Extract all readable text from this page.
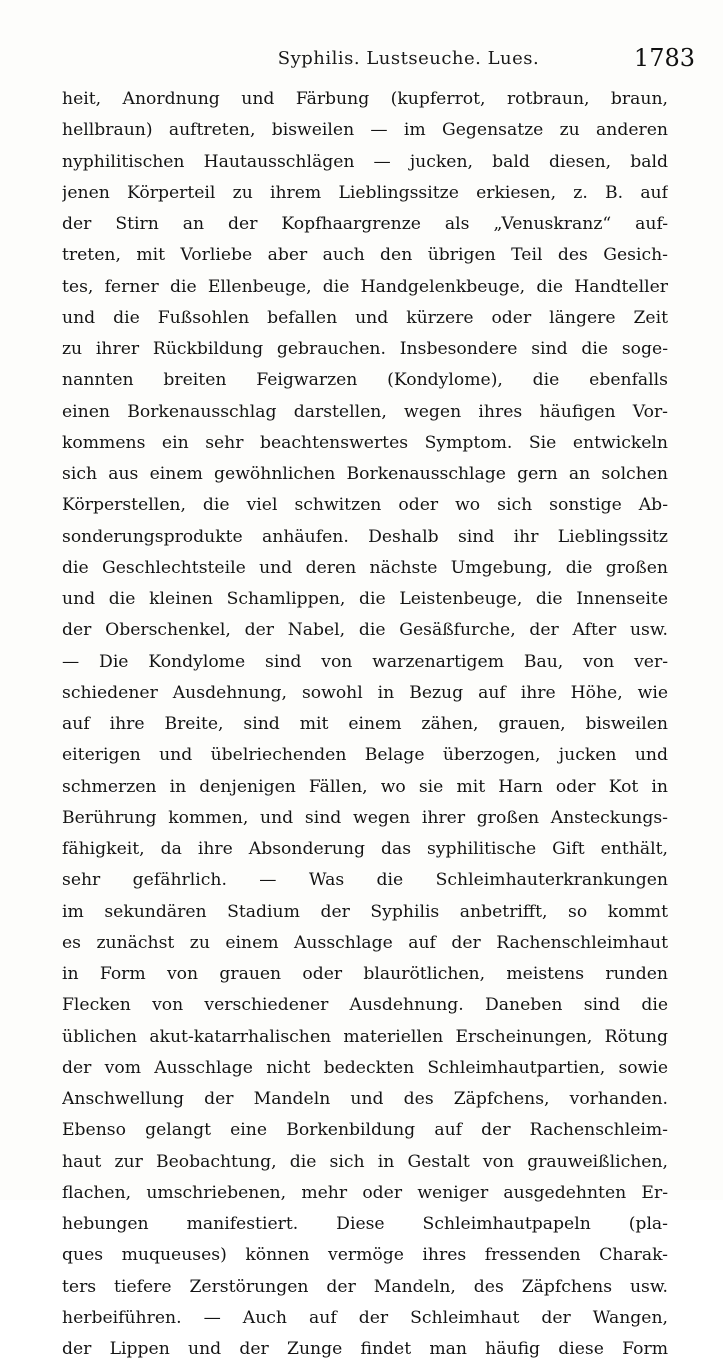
Syphilis. Lustseuche. Lues.	1783
heit, Anordnung und Färbung (kupferrot, rotbraun, braun,
hellbraun) auftreten, bisweilen — im Gegensatze zu anderen
nyphilitischen Hautausschlägen — jucken, bald diesen, bald
jenen Körperteil zu ihrem Lieblingssitze erkiesen, z. B. auf
der Stirn an der Kopfhaargrenze als „Venuskranz“ auf-
treten, mit Vorliebe aber auch den übrigen Teil des Gesich-
tes, ferner die Ellenbeuge, die Handgelenkbeuge, die Handteller
und die Fußsohlen befallen und kürzere oder längere Zeit
zu ihrer Rückbildung gebrauchen. Insbesondere sind die soge-
nannten breiten Feigwarzen (Kondylome), die ebenfalls
einen Borkenausschlag darstellen, wegen ihres häufigen Vor-
kommens ein sehr beachtenswertes Symptom. Sie entwickeln
sich aus einem gewöhnlichen Borkenausschlage gern an solchen
Körperstellen, die viel schwitzen oder wo sich sonstige Ab-
sonderungsprodukte anhäufen. Deshalb sind ihr Lieblingssitz
die Geschlechtsteile und deren nächste Umgebung, die großen
und die kleinen Schamlippen, die Leistenbeuge, die Innenseite
der Oberschenkel, der Nabel, die Gesäßfurche, der After usw.
— Die Kondylome sind von warzenartigem Bau, von ver-
schiedener Ausdehnung, sowohl in Bezug auf ihre Höhe, wie
auf ihre Breite, sind mit einem zähen, grauen, bisweilen
eiterigen und übelriechenden Belage überzogen, jucken und
schmerzen in denjenigen Fällen, wo sie mit Harn oder Kot in
Berührung kommen, und sind wegen ihrer großen Ansteckungs-
fähigkeit, da ihre Absonderung das syphilitische Gift enthält,
sehr gefährlich. — Was die Schleimhauterkrankungen
im sekundären Stadium der Syphilis anbetrifft, so kommt
es zunächst zu einem Ausschlage auf der Rachenschleimhaut
in Form von grauen oder blaurötlichen, meistens runden
Flecken von verschiedener Ausdehnung. Daneben sind die
üblichen akut-katarrhalischen materiellen Erscheinungen, Rötung
der vom Ausschlage nicht bedeckten Schleimhautpartien, sowie
Anschwellung der Mandeln und des Zäpfchens, vorhanden.
Ebenso gelangt eine Borkenbildung auf der Rachenschleim-
haut zur Beobachtung, die sich in Gestalt von grauweißlichen,
flachen, umschriebenen, mehr oder weniger ausgedehnten Er-
hebungen manifestiert. Diese Schleimhautpapeln (pla-
ques muqueuses) können vermöge ihres fressenden Charak-
ters tiefere Zerstörungen der Mandeln, des Zäpfchens usw.
herbeiführen. — Auch auf der Schleimhaut der Wangen,
der Lippen und der Zunge findet man häufig diese Form
